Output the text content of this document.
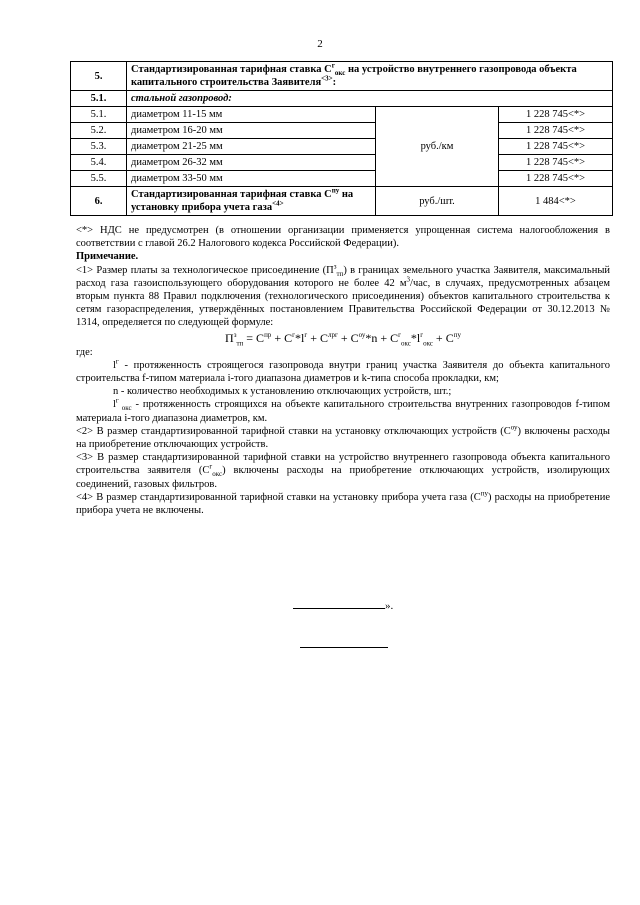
2
5.	Стандартизированная тарифная ставка $С^г_{окс}$ на устройство внутреннего газопровода объекта капитального строительства Заявителя$^{<3>}$:		
5.1.	стальной газопровод:		
5.1.	диаметром 11-15 мм	руб./км	1 228 745<*>
5.2.	диаметром 16-20 мм		1 228 745<*>
5.3.	диаметром 21-25 мм		1 228 745<*>
5.4.	диаметром 26-32 мм		1 228 745<*>
5.5.	диаметром 33-50 мм		1 228 745<*>
6.	Стандартизированная тарифная ставка $С^{пу}$ на установку прибора учета газа$^{<4>}$	руб./шт.	1 484<*>

<*> НДС не предусмотрен (в отношении организации применяется упрощенная система налогообложения в соответствии с главой 26.2 Налогового кодекса Российской Федерации).

Примечание.

<1> Размер платы за технологическое присоединение $(П^з_{тп})$ в границах земельного участка Заявителя, максимальный расход газа газоиспользующего оборудования которого не более 42 $м^3$/час, в случаях, предусмотренных абзацем вторым пункта 88 Правил подключения (технологического присоединения) объектов капитального строительства к сетям газораспределения, утверждённых постановлением Правительства Российской Федерации от 30.12.2013 № 1314, определяется по следующей формуле:

$П^з_{тп} = С^{пр} + С^г*l^г + С^{лрг} + С^{оу}*n + С^г_{окс}*l^г_{окс} + С^{пу}$

где:

$l^г$ - протяженность строящегося газопровода внутри границ участка Заявителя до объекта капитального строительства f-типом материала i-того диапазона диаметров и k-типа способа прокладки, км;

n - количество необходимых к установлению отключающих устройств, шт.;

$l^г$ $_{окс}$ - протяженность строящихся на объекте капитального строительства внутренних газопроводов f-типом материала i-того диапазона диаметров, км.

<2> В размер стандартизированной тарифной ставки на установку отключающих устройств $(С^{оу})$ включены расходы на приобретение отключающих устройств.

<3> В размер стандартизированной тарифной ставки на устройство внутреннего газопровода объекта капитального строительства заявителя $(С^г_{окс})$ включены расходы на приобретение отключающих устройств, изолирующих соединений, газовых фильтров.

<4> В размер стандартизированной тарифной ставки на установку прибора учета газа $(С^{пу})$ расходы на приобретение прибора учета не включены.

».
